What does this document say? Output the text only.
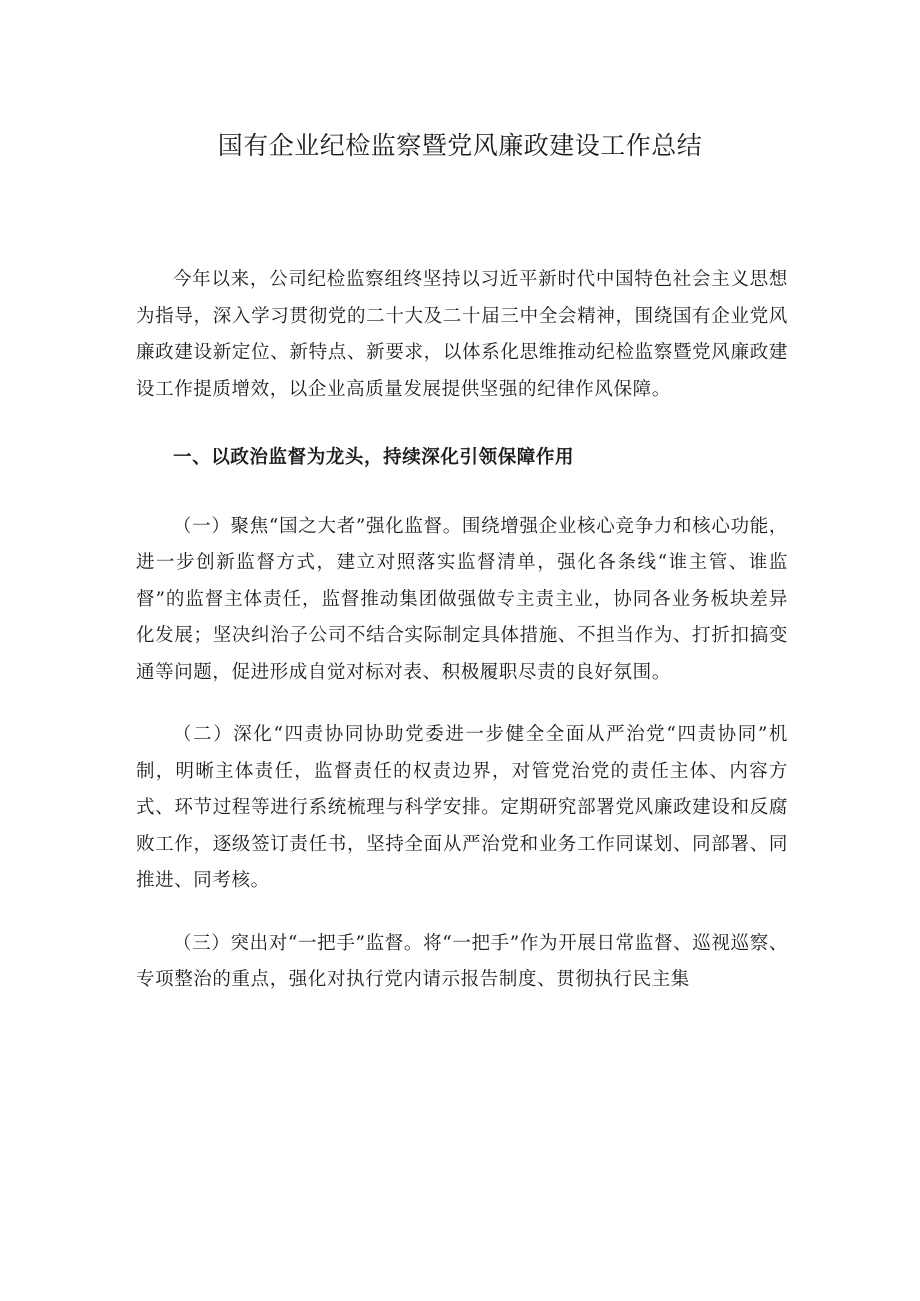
国有企业纪检监察暨党风廉政建设工作总结

今年以来，公司纪检监察组终坚持以习近平新时代中国特色社会主义思想为指导，深入学习贯彻党的二十大及二十届三中全会精神，围绕国有企业党风廉政建设新定位、新特点、新要求，以体系化思维推动纪检监察暨党风廉政建设工作提质增效，以企业高质量发展提供坚强的纪律作风保障。

一、以政治监督为龙头，持续深化引领保障作用

（一）聚焦“国之大者”强化监督。围绕增强企业核心竞争力和核心功能，进一步创新监督方式，建立对照落实监督清单，强化各条线“谁主管、谁监督”的监督主体责任，监督推动集团做强做专主责主业，协同各业务板块差异化发展；坚决纠治子公司不结合实际制定具体措施、不担当作为、打折扣搞变通等问题，促进形成自觉对标对表、积极履职尽责的良好氛围。

（二）深化“四责协同协助党委进一步健全全面从严治党“四责协同”机制，明晰主体责任，监督责任的权责边界，对管党治党的责任主体、内容方式、环节过程等进行系统梳理与科学安排。定期研究部署党风廉政建设和反腐败工作，逐级签订责任书，坚持全面从严治党和业务工作同谋划、同部署、同推进、同考核。

（三）突出对“一把手”监督。将“一把手”作为开展日常监督、巡视巡察、专项整治的重点，强化对执行党内请示报告制度、贯彻执行民主集
